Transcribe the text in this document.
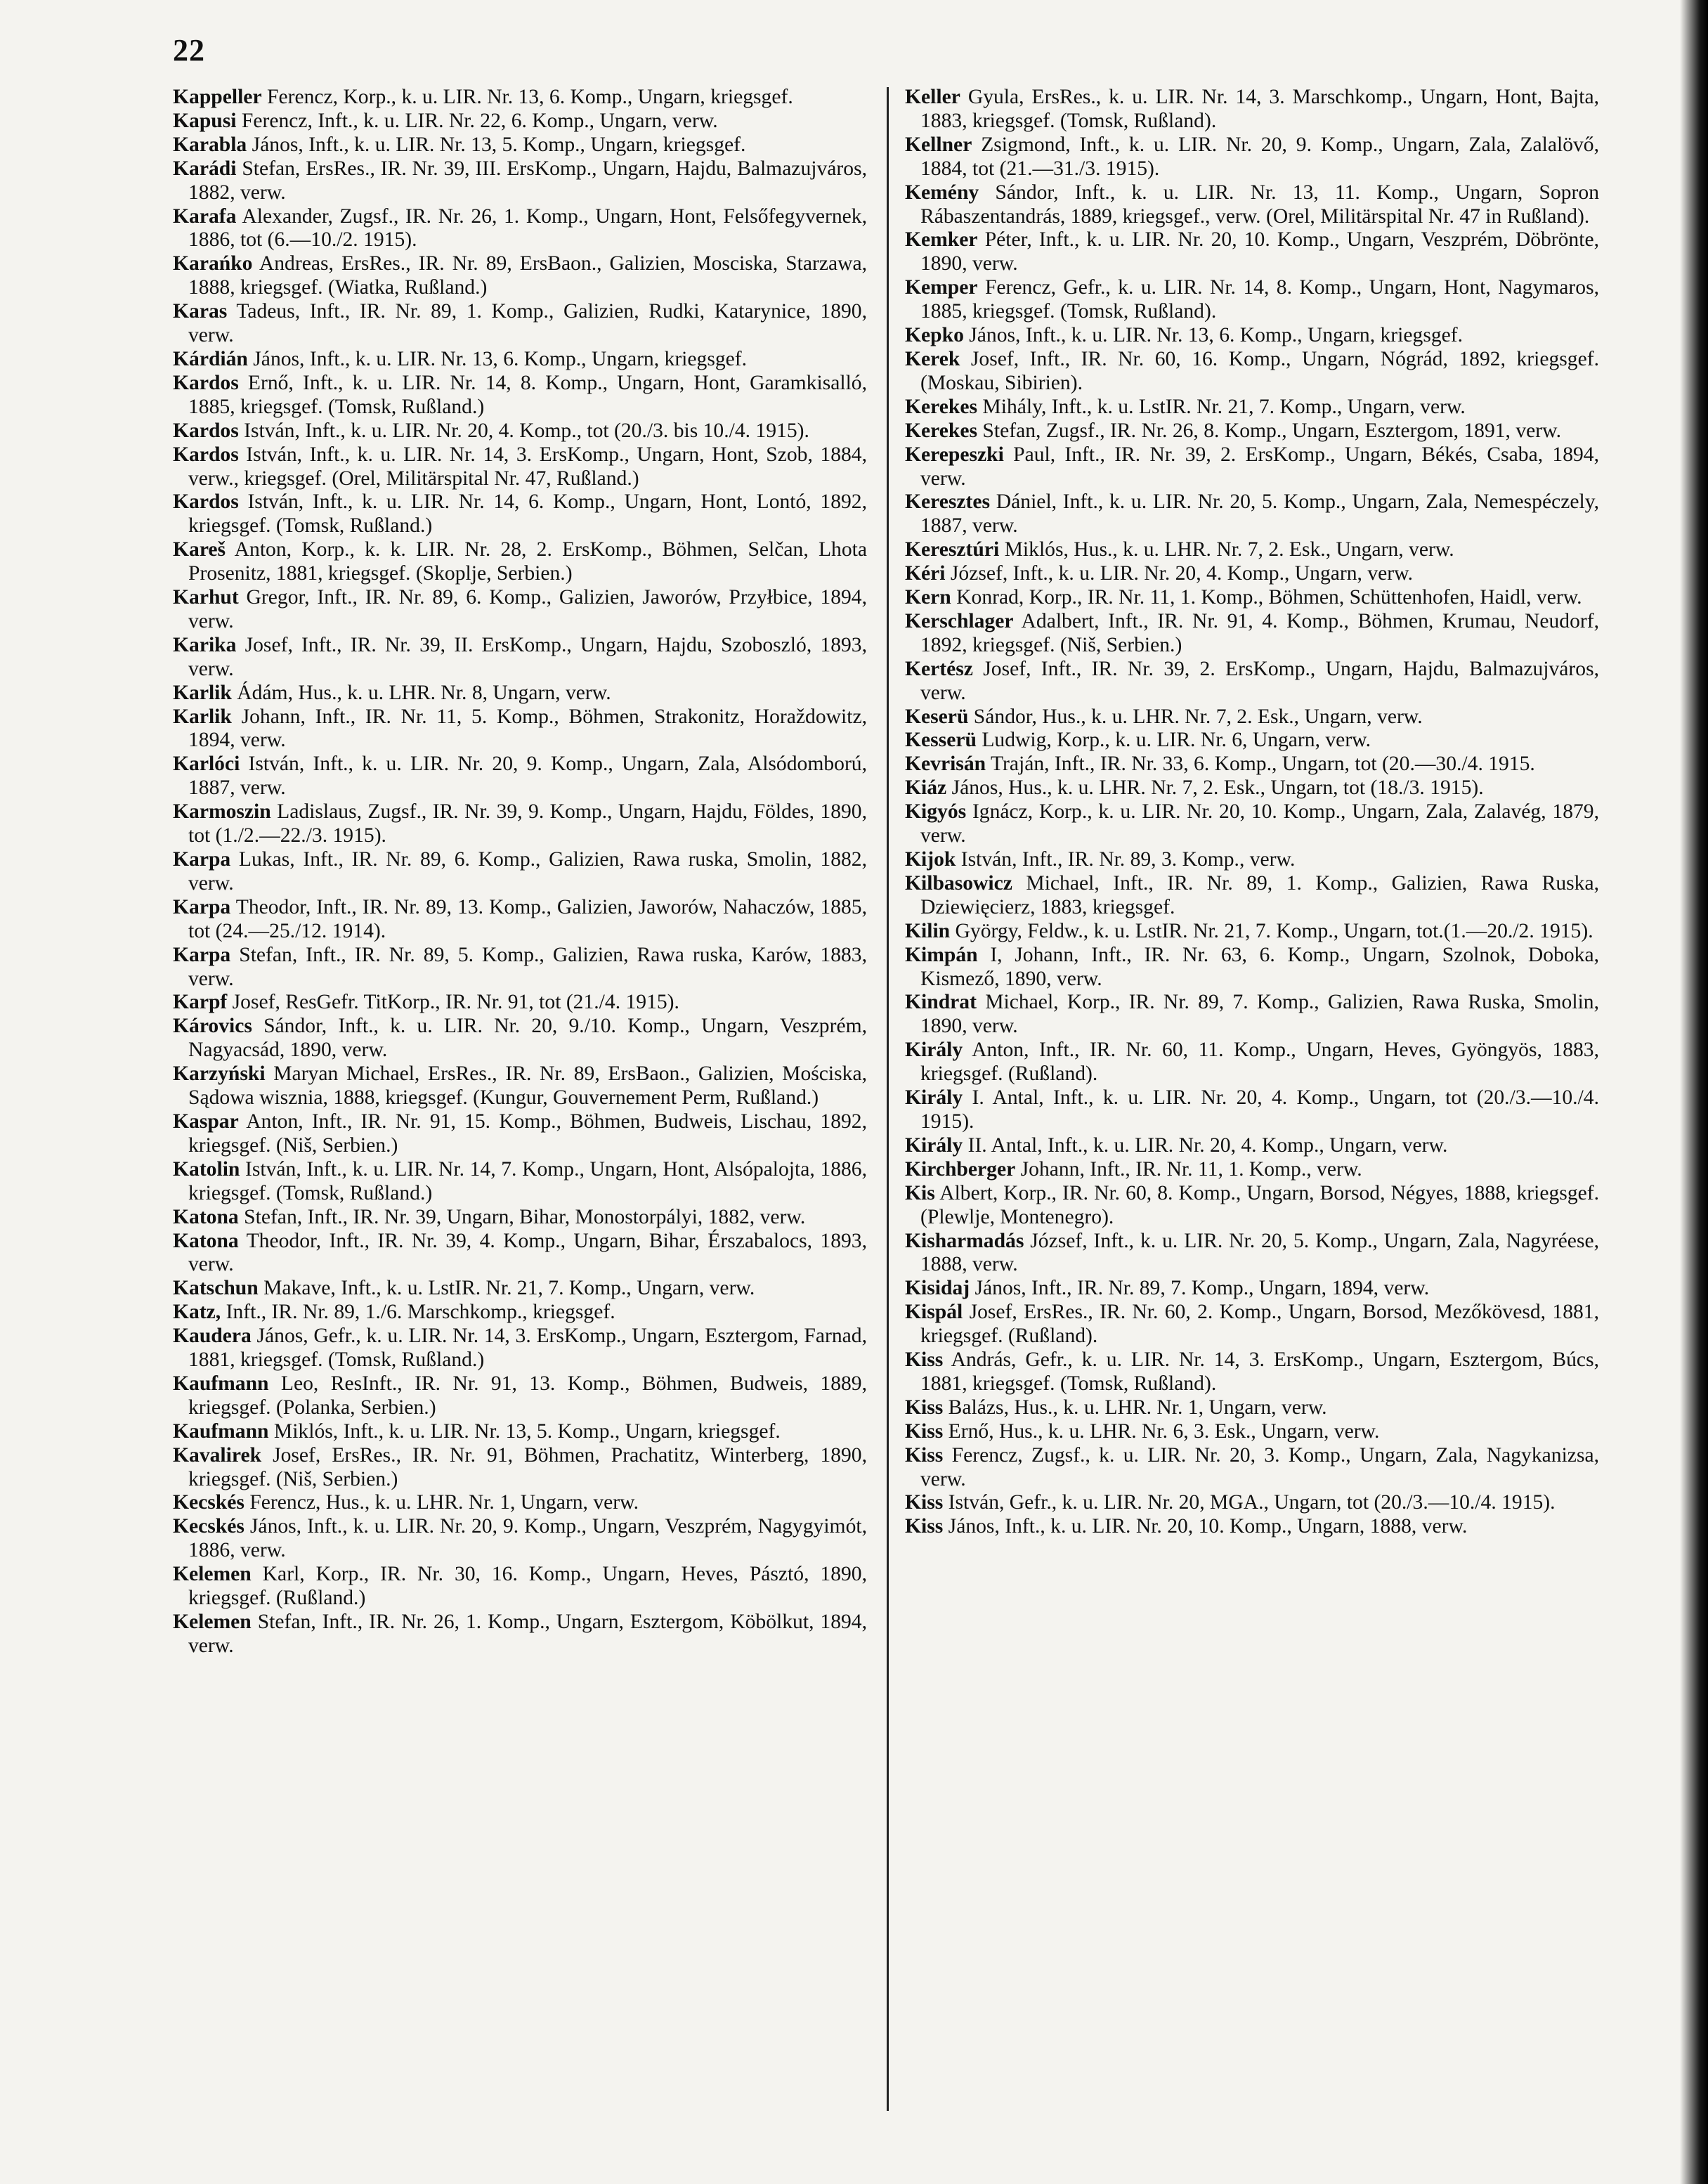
22
Kappeller Ferencz, Korp., k. u. LIR. Nr. 13, 6. Komp., Ungarn, kriegsgef.
Kapusi Ferencz, Inft., k. u. LIR. Nr. 22, 6. Komp., Ungarn, verw.
Karabla János, Inft., k. u. LIR. Nr. 13, 5. Komp., Ungarn, kriegsgef.
Karádi Stefan, ErsRes., IR. Nr. 39, III. ErsKomp., Ungarn, Hajdu, Balmazujváros, 1882, verw.
Karafa Alexander, Zugsf., IR. Nr. 26, 1. Komp., Ungarn, Hont, Felsőfegyvernek, 1886, tot (6.—10./2. 1915).
Karańko Andreas, ErsRes., IR. Nr. 89, ErsBaon., Galizien, Mosciska, Starzawa, 1888, kriegsgef. (Wiatka, Rußland.)
Karas Tadeus, Inft., IR. Nr. 89, 1. Komp., Galizien, Rudki, Katarynice, 1890, verw.
Kárdián János, Inft., k. u. LIR. Nr. 13, 6. Komp., Ungarn, kriegsgef.
Kardos Ernő, Inft., k. u. LIR. Nr. 14, 8. Komp., Ungarn, Hont, Garamkisalló, 1885, kriegsgef. (Tomsk, Rußland.)
Kardos István, Inft., k. u. LIR. Nr. 20, 4. Komp., tot (20./3. bis 10./4. 1915).
Kardos István, Inft., k. u. LIR. Nr. 14, 3. ErsKomp., Ungarn, Hont, Szob, 1884, verw., kriegsgef. (Orel, Militärspital Nr. 47, Rußland.)
Kardos István, Inft., k. u. LIR. Nr. 14, 6. Komp., Ungarn, Hont, Lontó, 1892, kriegsgef. (Tomsk, Rußland.)
Kareš Anton, Korp., k. k. LIR. Nr. 28, 2. ErsKomp., Böhmen, Selčan, Lhota Prosenitz, 1881, kriegsgef. (Skoplje, Serbien.)
Karhut Gregor, Inft., IR. Nr. 89, 6. Komp., Galizien, Jaworów, Przyłbice, 1894, verw.
Karika Josef, Inft., IR. Nr. 39, II. ErsKomp., Ungarn, Hajdu, Szoboszló, 1893, verw.
Karlik Ádám, Hus., k. u. LHR. Nr. 8, Ungarn, verw.
Karlik Johann, Inft., IR. Nr. 11, 5. Komp., Böhmen, Strakonitz, Horaždowitz, 1894, verw.
Karlóci István, Inft., k. u. LIR. Nr. 20, 9. Komp., Ungarn, Zala, Alsódomború, 1887, verw.
Karmoszin Ladislaus, Zugsf., IR. Nr. 39, 9. Komp., Ungarn, Hajdu, Földes, 1890, tot (1./2.—22./3. 1915).
Karpa Lukas, Inft., IR. Nr. 89, 6. Komp., Galizien, Rawa ruska, Smolin, 1882, verw.
Karpa Theodor, Inft., IR. Nr. 89, 13. Komp., Galizien, Jaworów, Nahaczów, 1885, tot (24.—25./12. 1914).
Karpa Stefan, Inft., IR. Nr. 89, 5. Komp., Galizien, Rawa ruska, Karów, 1883, verw.
Karpf Josef, ResGefr. TitKorp., IR. Nr. 91, tot (21./4. 1915).
Károvics Sándor, Inft., k. u. LIR. Nr. 20, 9./10. Komp., Ungarn, Veszprém, Nagyacsád, 1890, verw.
Karzyński Maryan Michael, ErsRes., IR. Nr. 89, ErsBaon., Galizien, Mościska, Sądowa wisznia, 1888, kriegsgef. (Kungur, Gouvernement Perm, Rußland.)
Kaspar Anton, Inft., IR. Nr. 91, 15. Komp., Böhmen, Budweis, Lischau, 1892, kriegsgef. (Niš, Serbien.)
Katolin István, Inft., k. u. LIR. Nr. 14, 7. Komp., Ungarn, Hont, Alsópalojta, 1886, kriegsgef. (Tomsk, Rußland.)
Katona Stefan, Inft., IR. Nr. 39, Ungarn, Bihar, Monostorpályi, 1882, verw.
Katona Theodor, Inft., IR. Nr. 39, 4. Komp., Ungarn, Bihar, Érszabalocs, 1893, verw.
Katschun Makave, Inft., k. u. LstIR. Nr. 21, 7. Komp., Ungarn, verw.
Katz, Inft., IR. Nr. 89, 1./6. Marschkomp., kriegsgef.
Kaudera János, Gefr., k. u. LIR. Nr. 14, 3. ErsKomp., Ungarn, Esztergom, Farnad, 1881, kriegsgef. (Tomsk, Rußland.)
Kaufmann Leo, ResInft., IR. Nr. 91, 13. Komp., Böhmen, Budweis, 1889, kriegsgef. (Polanka, Serbien.)
Kaufmann Miklós, Inft., k. u. LIR. Nr. 13, 5. Komp., Ungarn, kriegsgef.
Kavalirek Josef, ErsRes., IR. Nr. 91, Böhmen, Prachatitz, Winterberg, 1890, kriegsgef. (Niš, Serbien.)
Kecskés Ferencz, Hus., k. u. LHR. Nr. 1, Ungarn, verw.
Kecskés János, Inft., k. u. LIR. Nr. 20, 9. Komp., Ungarn, Veszprém, Nagygyimót, 1886, verw.
Kelemen Karl, Korp., IR. Nr. 30, 16. Komp., Ungarn, Heves, Pásztó, 1890, kriegsgef. (Rußland.)
Kelemen Stefan, Inft., IR. Nr. 26, 1. Komp., Ungarn, Esztergom, Köbölkut, 1894, verw.
Keller Gyula, ErsRes., k. u. LIR. Nr. 14, 3. Marschkomp., Ungarn, Hont, Bajta, 1883, kriegsgef. (Tomsk, Rußland).
Kellner Zsigmond, Inft., k. u. LIR. Nr. 20, 9. Komp., Ungarn, Zala, Zalalövő, 1884, tot (21.—31./3. 1915).
Kemény Sándor, Inft., k. u. LIR. Nr. 13, 11. Komp., Ungarn, Sopron Rábaszentandrás, 1889, kriegsgef., verw. (Orel, Militärspital Nr. 47 in Rußland).
Kemker Péter, Inft., k. u. LIR. Nr. 20, 10. Komp., Ungarn, Veszprém, Döbrönte, 1890, verw.
Kemper Ferencz, Gefr., k. u. LIR. Nr. 14, 8. Komp., Ungarn, Hont, Nagymaros, 1885, kriegsgef. (Tomsk, Rußland).
Kepko János, Inft., k. u. LIR. Nr. 13, 6. Komp., Ungarn, kriegsgef.
Kerek Josef, Inft., IR. Nr. 60, 16. Komp., Ungarn, Nógrád, 1892, kriegsgef. (Moskau, Sibirien).
Kerekes Mihály, Inft., k. u. LstIR. Nr. 21, 7. Komp., Ungarn, verw.
Kerekes Stefan, Zugsf., IR. Nr. 26, 8. Komp., Ungarn, Esztergom, 1891, verw.
Kerepeszki Paul, Inft., IR. Nr. 39, 2. ErsKomp., Ungarn, Békés, Csaba, 1894, verw.
Keresztes Dániel, Inft., k. u. LIR. Nr. 20, 5. Komp., Ungarn, Zala, Nemespéczely, 1887, verw.
Keresztúri Miklós, Hus., k. u. LHR. Nr. 7, 2. Esk., Ungarn, verw.
Kéri József, Inft., k. u. LIR. Nr. 20, 4. Komp., Ungarn, verw.
Kern Konrad, Korp., IR. Nr. 11, 1. Komp., Böhmen, Schüttenhofen, Haidl, verw.
Kerschlager Adalbert, Inft., IR. Nr. 91, 4. Komp., Böhmen, Krumau, Neudorf, 1892, kriegsgef. (Niš, Serbien.)
Kertész Josef, Inft., IR. Nr. 39, 2. ErsKomp., Ungarn, Hajdu, Balmazujváros, verw.
Keserü Sándor, Hus., k. u. LHR. Nr. 7, 2. Esk., Ungarn, verw.
Kesserü Ludwig, Korp., k. u. LIR. Nr. 6, Ungarn, verw.
Kevrisán Traján, Inft., IR. Nr. 33, 6. Komp., Ungarn, tot (20.—30./4. 1915.
Kiáz János, Hus., k. u. LHR. Nr. 7, 2. Esk., Ungarn, tot (18./3. 1915).
Kigyós Ignácz, Korp., k. u. LIR. Nr. 20, 10. Komp., Ungarn, Zala, Zalavég, 1879, verw.
Kijok István, Inft., IR. Nr. 89, 3. Komp., verw.
Kilbasowicz Michael, Inft., IR. Nr. 89, 1. Komp., Galizien, Rawa Ruska, Dziewięcierz, 1883, kriegsgef.
Kilin György, Feldw., k. u. LstIR. Nr. 21, 7. Komp., Ungarn, tot.(1.—20./2. 1915).
Kimpán I, Johann, Inft., IR. Nr. 63, 6. Komp., Ungarn, Szolnok, Doboka, Kismező, 1890, verw.
Kindrat Michael, Korp., IR. Nr. 89, 7. Komp., Galizien, Rawa Ruska, Smolin, 1890, verw.
Király Anton, Inft., IR. Nr. 60, 11. Komp., Ungarn, Heves, Gyöngyös, 1883, kriegsgef. (Rußland).
Király I. Antal, Inft., k. u. LIR. Nr. 20, 4. Komp., Ungarn, tot (20./3.—10./4. 1915).
Király II. Antal, Inft., k. u. LIR. Nr. 20, 4. Komp., Ungarn, verw.
Kirchberger Johann, Inft., IR. Nr. 11, 1. Komp., verw.
Kis Albert, Korp., IR. Nr. 60, 8. Komp., Ungarn, Borsod, Négyes, 1888, kriegsgef. (Plewlje, Montenegro).
Kisharmadás József, Inft., k. u. LIR. Nr. 20, 5. Komp., Ungarn, Zala, Nagyréese, 1888, verw.
Kisidaj János, Inft., IR. Nr. 89, 7. Komp., Ungarn, 1894, verw.
Kispál Josef, ErsRes., IR. Nr. 60, 2. Komp., Ungarn, Borsod, Mezőkövesd, 1881, kriegsgef. (Rußland).
Kiss András, Gefr., k. u. LIR. Nr. 14, 3. ErsKomp., Ungarn, Esztergom, Búcs, 1881, kriegsgef. (Tomsk, Rußland).
Kiss Balázs, Hus., k. u. LHR. Nr. 1, Ungarn, verw.
Kiss Ernő, Hus., k. u. LHR. Nr. 6, 3. Esk., Ungarn, verw.
Kiss Ferencz, Zugsf., k. u. LIR. Nr. 20, 3. Komp., Ungarn, Zala, Nagykanizsa, verw.
Kiss István, Gefr., k. u. LIR. Nr. 20, MGA., Ungarn, tot (20./3.—10./4. 1915).
Kiss János, Inft., k. u. LIR. Nr. 20, 10. Komp., Ungarn, 1888, verw.
